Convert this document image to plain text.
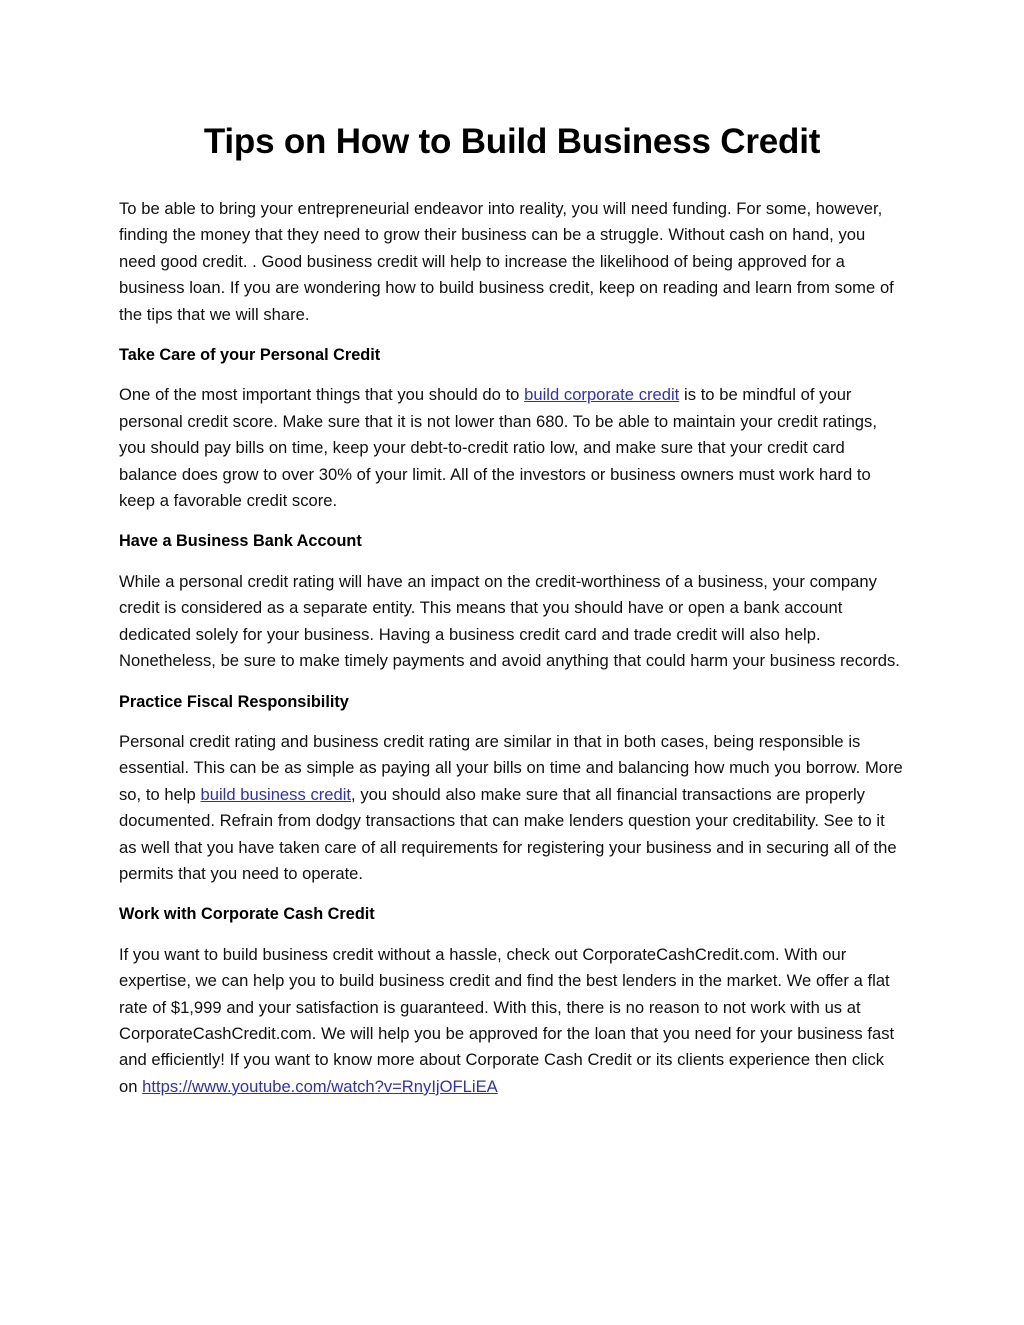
Tips on How to Build Business Credit

To be able to bring your entrepreneurial endeavor into reality, you will need funding. For some, however, finding the money that they need to grow their business can be a struggle. Without cash on hand, you need good credit. . Good business credit will help to increase the likelihood of being approved for a business loan. If you are wondering how to build business credit, keep on reading and learn from some of the tips that we will share.

Take Care of your Personal Credit

One of the most important things that you should do to build corporate credit is to be mindful of your personal credit score. Make sure that it is not lower than 680. To be able to maintain your credit ratings, you should pay bills on time, keep your debt-to-credit ratio low, and make sure that your credit card balance does grow to over 30% of your limit. All of the investors or business owners must work hard to keep a favorable credit score.

Have a Business Bank Account

While a personal credit rating will have an impact on the credit-worthiness of a business, your company credit is considered as a separate entity. This means that you should have or open a bank account dedicated solely for your business. Having a business credit card and trade credit will also help. Nonetheless, be sure to make timely payments and avoid anything that could harm your business records.

Practice Fiscal Responsibility

Personal credit rating and business credit rating are similar in that in both cases, being responsible is essential. This can be as simple as paying all your bills on time and balancing how much you borrow. More so, to help build business credit, you should also make sure that all financial transactions are properly documented. Refrain from dodgy transactions that can make lenders question your creditability. See to it as well that you have taken care of all requirements for registering your business and in securing all of the permits that you need to operate.

Work with Corporate Cash Credit

If you want to build business credit without a hassle, check out CorporateCashCredit.com. With our expertise, we can help you to build business credit and find the best lenders in the market. We offer a flat rate of $1,999 and your satisfaction is guaranteed. With this, there is no reason to not work with us at CorporateCashCredit.com. We will help you be approved for the loan that you need for your business fast and efficiently! If you want to know more about Corporate Cash Credit or its clients experience then click on https://www.youtube.com/watch?v=RnyIjOFLiEA
